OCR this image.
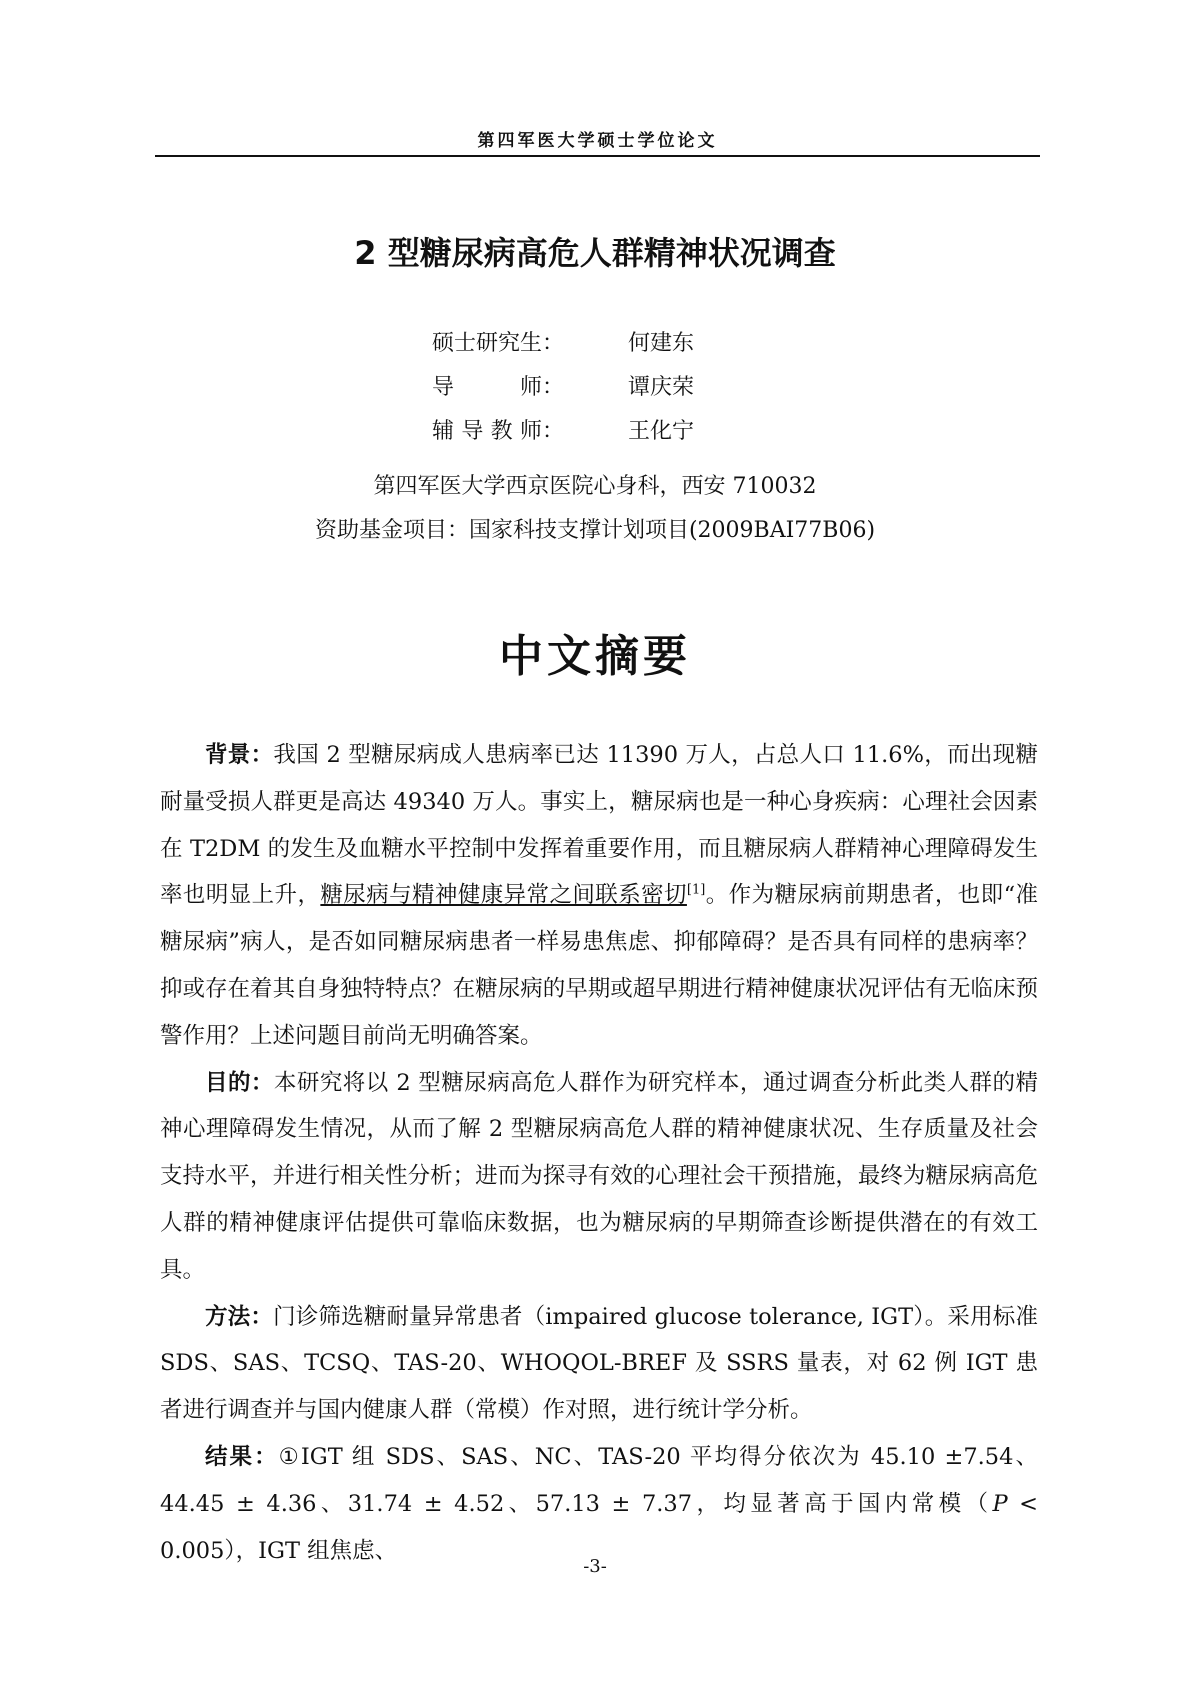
第四军医大学硕士学位论文
2 型糖尿病高危人群精神状况调查
硕士研究生：	何建东
导	师：	谭庆荣
辅 导 教 师：	王化宁
第四军医大学西京医院心身科，西安 710032
资助基金项目：国家科技支撑计划项目(2009BAI77B06)
中文摘要

背景：我国 2 型糖尿病成人患病率已达 11390 万人，占总人口 11.6%，而出现糖耐量受损人群更是高达 49340 万人。事实上，糖尿病也是一种心身疾病：心理社会因素在 T2DM 的发生及血糖水平控制中发挥着重要作用，而且糖尿病人群精神心理障碍发生率也明显上升，糖尿病与精神健康异常之间联系密切[1]。作为糖尿病前期患者，也即“准糖尿病”病人，是否如同糖尿病患者一样易患焦虑、抑郁障碍？是否具有同样的患病率？抑或存在着其自身独特特点？在糖尿病的早期或超早期进行精神健康状况评估有无临床预警作用？上述问题目前尚无明确答案。

目的：本研究将以 2 型糖尿病高危人群作为研究样本，通过调查分析此类人群的精神心理障碍发生情况，从而了解 2 型糖尿病高危人群的精神健康状况、生存质量及社会支持水平，并进行相关性分析；进而为探寻有效的心理社会干预措施，最终为糖尿病高危人群的精神健康评估提供可靠临床数据，也为糖尿病的早期筛查诊断提供潜在的有效工具。

方法：门诊筛选糖耐量异常患者（impaired glucose tolerance, IGT）。采用标准 SDS、SAS、TCSQ、TAS-20、WHOQOL-BREF 及 SSRS 量表，对 62 例 IGT 患者进行调查并与国内健康人群（常模）作对照，进行统计学分析。

结果：①IGT 组 SDS、SAS、NC、TAS-20 平均得分依次为 45.10 ±7.54、44.45 ± 4.36、31.74 ± 4.52、57.13 ± 7.37，均显著高于国内常模（P < 0.005），IGT 组焦虑、

-3-
